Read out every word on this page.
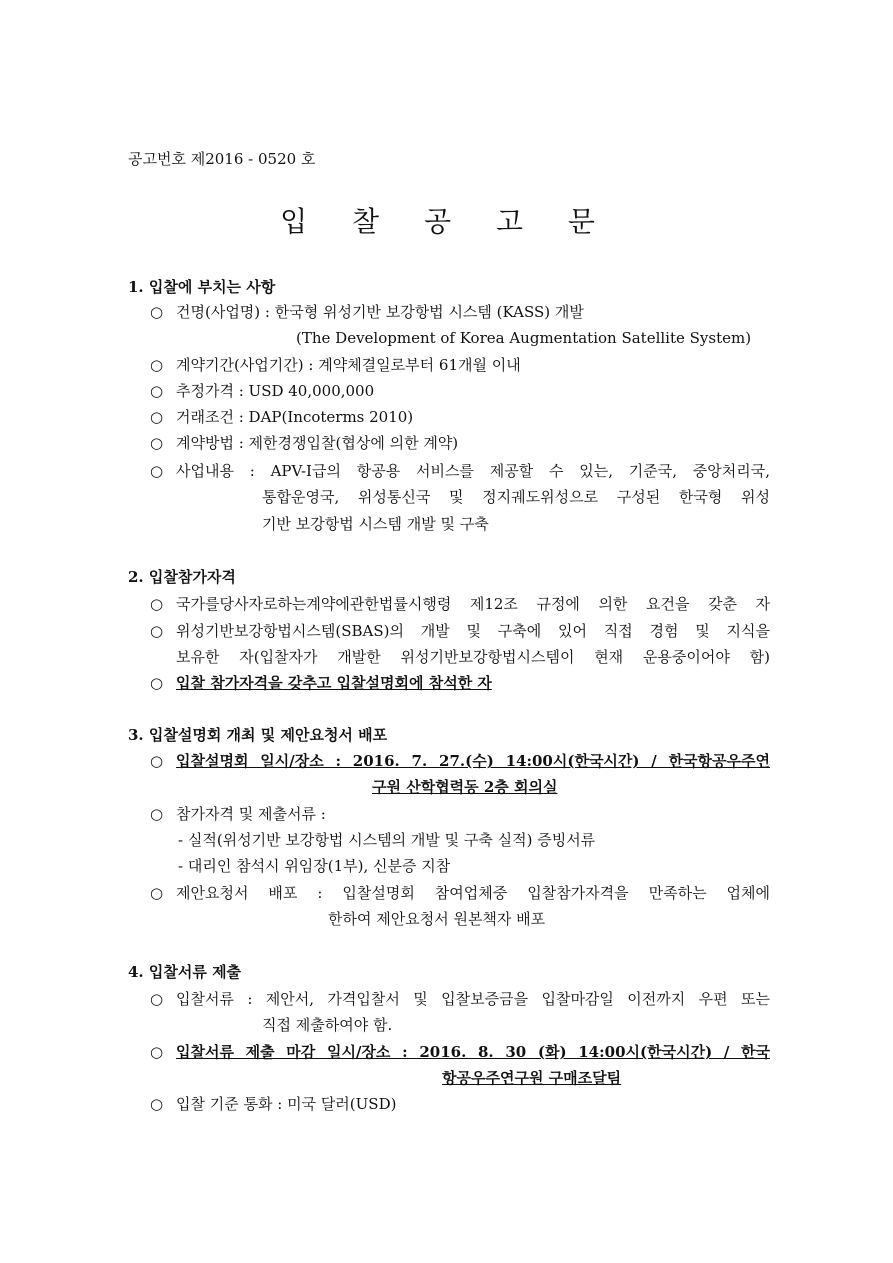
공고번호 제2016 - 0520 호
입 찰 공 고 문
1. 입찰에 부치는 사항
○ 건명(사업명) : 한국형 위성기반 보강항법 시스템 (KASS) 개발
(The Development of Korea Augmentation Satellite System)
○ 계약기간(사업기간) : 계약체결일로부터 61개월 이내
○ 추정가격 : USD 40,000,000
○ 거래조건 : DAP(Incoterms 2010)
○ 계약방법 : 제한경쟁입찰(협상에 의한 계약)
○ 사업내용 : APV-I급의 항공용 서비스를 제공할 수 있는, 기준국, 중앙처리국,
통합운영국, 위성통신국 및 정지궤도위성으로 구성된 한국형 위성
기반 보강항법 시스템 개발 및 구축
2. 입찰참가자격
○ 국가를당사자로하는계약에관한법률시행령 제12조 규정에 의한 요건을 갖춘 자
○ 위성기반보강항법시스템(SBAS)의 개발 및 구축에 있어 직접 경험 및 지식을
보유한 자(입찰자가 개발한 위성기반보강항법시스템이 현재 운용중이어야 함)
○ 입찰 참가자격을 갖추고 입찰설명회에 참석한 자
3. 입찰설명회 개최 및 제안요청서 배포
○ 입찰설명회 일시/장소 : 2016. 7. 27.(수) 14:00시(한국시간) / 한국항공우주연
구원 산학협력동 2층 회의실
○ 참가자격 및 제출서류 :
- 실적(위성기반 보강항법 시스템의 개발 및 구축 실적) 증빙서류
- 대리인 참석시 위임장(1부), 신분증 지참
○ 제안요청서 배포 : 입찰설명회 참여업체중 입찰참가자격을 만족하는 업체에
한하여 제안요청서 원본책자 배포
4. 입찰서류 제출
○ 입찰서류 : 제안서, 가격입찰서 및 입찰보증금을 입찰마감일 이전까지 우편 또는
직접 제출하여야 함.
○ 입찰서류 제출 마감 일시/장소 : 2016. 8. 30 (화) 14:00시(한국시간) / 한국
항공우주연구원 구매조달팀
○ 입찰 기준 통화 : 미국 달러(USD)
